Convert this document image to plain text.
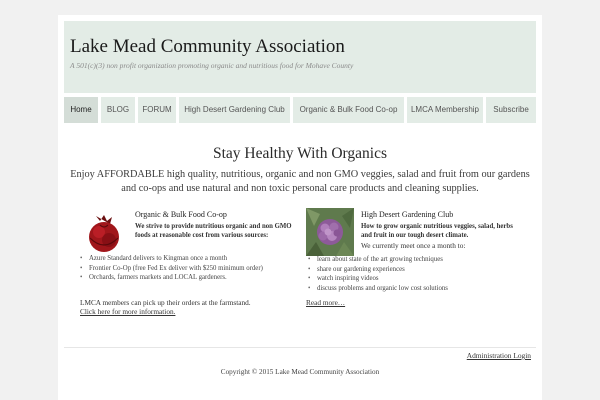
Lake Mead Community Association
A 501(c)(3) non profit organization promoting organic and nutritious food for Mohave County
Home	BLOG	FORUM	High Desert Gardening Club	Organic & Bulk Food Co-op	LMCA Membership	Subscribe
Stay Healthy With Organics
Enjoy AFFORDABLE high quality, nutritious, organic and non GMO veggies, salad and fruit from our gardens and co-ops and use natural and non toxic personal care products and cleaning supplies.
Organic & Bulk Food Co-op
We strive to provide nutritious organic and non GMO foods at reasonable cost from various sources:
• Azure Standard delivers to Kingman once a month
• Frontier Co-Op (free Fed Ex deliver with $250 minimum order)
• Orchards, farmers markets and LOCAL gardeners.
LMCA members can pick up their orders at the farmstand.
Click here for more information.
High Desert Gardening Club
How to grow organic nutritious veggies, salad, herbs and fruit in our tough desert climate.
We currently meet once a month to:
• learn about state of the art growing techniques
• share our gardening experiences
• watch inspiring videos
• discuss problems and organic low cost solutions
Read more…
Administration Login
Copyright © 2015 Lake Mead Community Association
